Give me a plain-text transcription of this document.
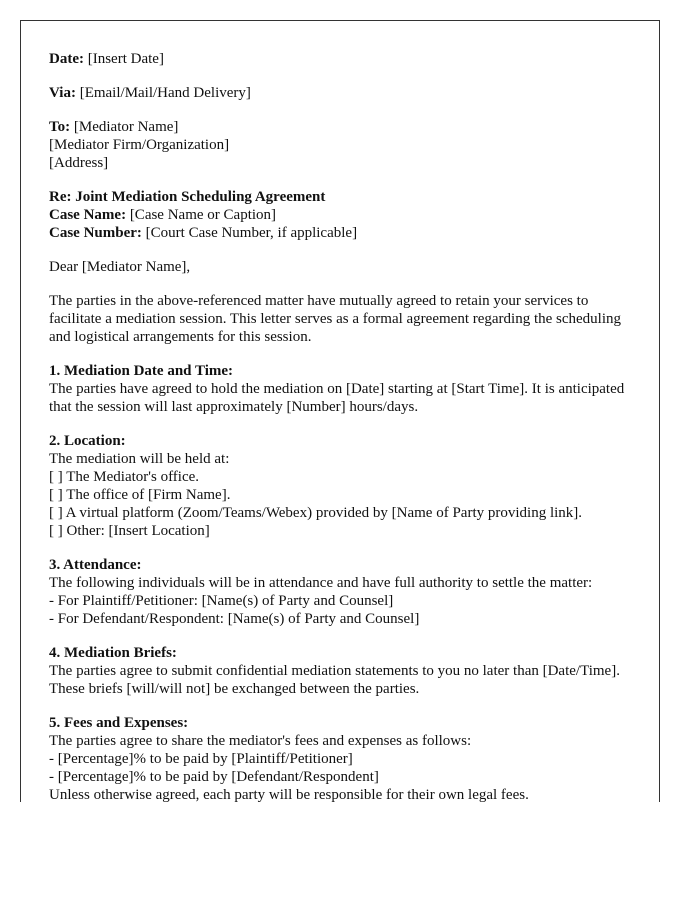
Date: [Insert Date]

Via: [Email/Mail/Hand Delivery]

To: [Mediator Name]
[Mediator Firm/Organization]
[Address]

Re: Joint Mediation Scheduling Agreement
Case Name: [Case Name or Caption]
Case Number: [Court Case Number, if applicable]

Dear [Mediator Name],

The parties in the above-referenced matter have mutually agreed to retain your services to facilitate a mediation session. This letter serves as a formal agreement regarding the scheduling and logistical arrangements for this session.

1. Mediation Date and Time:
The parties have agreed to hold the mediation on [Date] starting at [Start Time]. It is anticipated that the session will last approximately [Number] hours/days.

2. Location:
The mediation will be held at:
[ ] The Mediator's office.
[ ] The office of [Firm Name].
[ ] A virtual platform (Zoom/Teams/Webex) provided by [Name of Party providing link].
[ ] Other: [Insert Location]

3. Attendance:
The following individuals will be in attendance and have full authority to settle the matter:
- For Plaintiff/Petitioner: [Name(s) of Party and Counsel]
- For Defendant/Respondent: [Name(s) of Party and Counsel]

4. Mediation Briefs:
The parties agree to submit confidential mediation statements to you no later than [Date/Time]. These briefs [will/will not] be exchanged between the parties.

5. Fees and Expenses:
The parties agree to share the mediator's fees and expenses as follows:
- [Percentage]% to be paid by [Plaintiff/Petitioner]
- [Percentage]% to be paid by [Defendant/Respondent]
Unless otherwise agreed, each party will be responsible for their own legal fees.
